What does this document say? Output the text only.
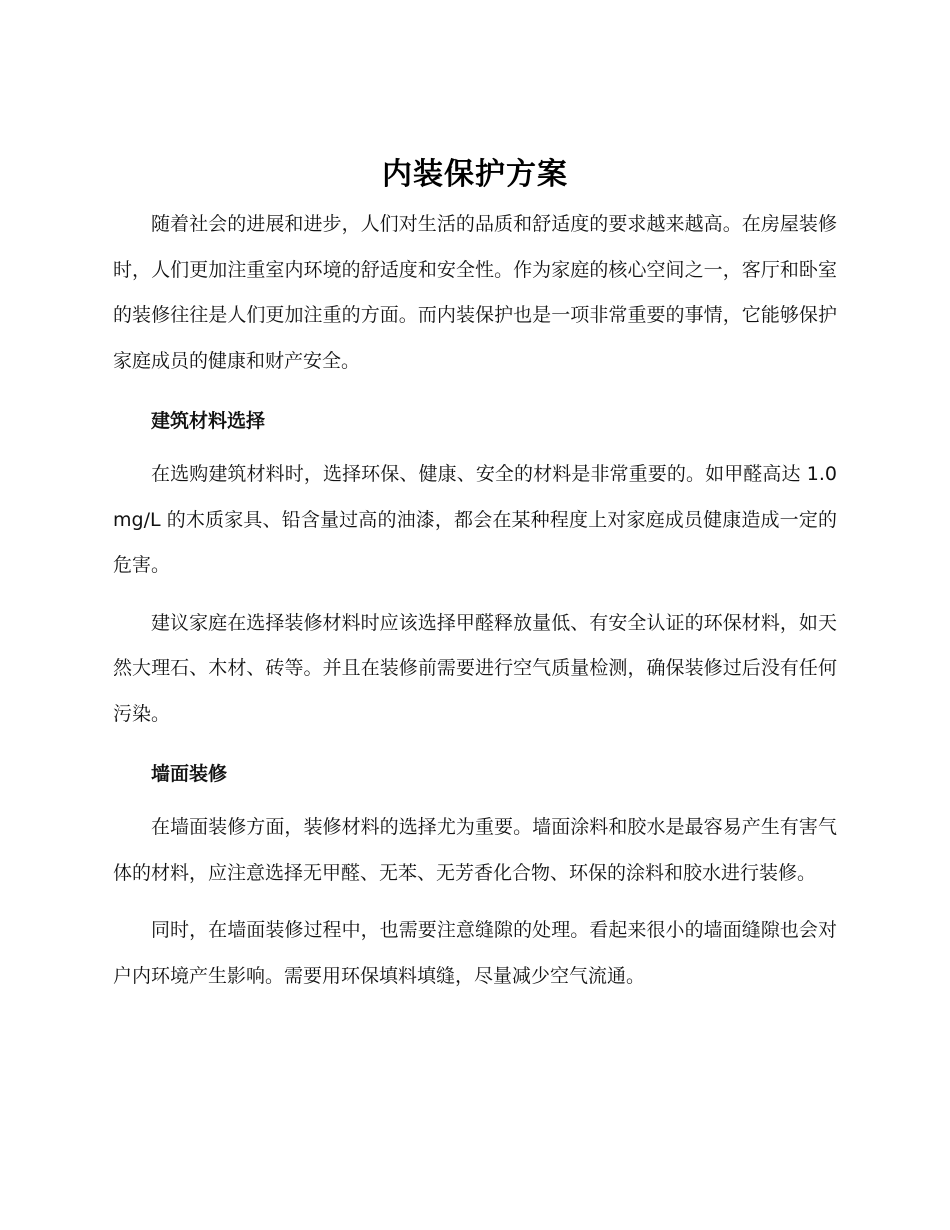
内装保护方案

随着社会的进展和进步，人们对生活的品质和舒适度的要求越来越高。在房屋装修时，人们更加注重室内环境的舒适度和安全性。作为家庭的核心空间之一，客厅和卧室的装修往往是人们更加注重的方面。而内装保护也是一项非常重要的事情，它能够保护家庭成员的健康和财产安全。

建筑材料选择

在选购建筑材料时，选择环保、健康、安全的材料是非常重要的。如甲醛高达 1.0mg/L 的木质家具、铅含量过高的油漆，都会在某种程度上对家庭成员健康造成一定的危害。

建议家庭在选择装修材料时应该选择甲醛释放量低、有安全认证的环保材料，如天然大理石、木材、砖等。并且在装修前需要进行空气质量检测，确保装修过后没有任何污染。

墙面装修

在墙面装修方面，装修材料的选择尤为重要。墙面涂料和胶水是最容易产生有害气体的材料，应注意选择无甲醛、无苯、无芳香化合物、环保的涂料和胶水进行装修。

同时，在墙面装修过程中，也需要注意缝隙的处理。看起来很小的墙面缝隙也会对户内环境产生影响。需要用环保填料填缝，尽量减少空气流通。
